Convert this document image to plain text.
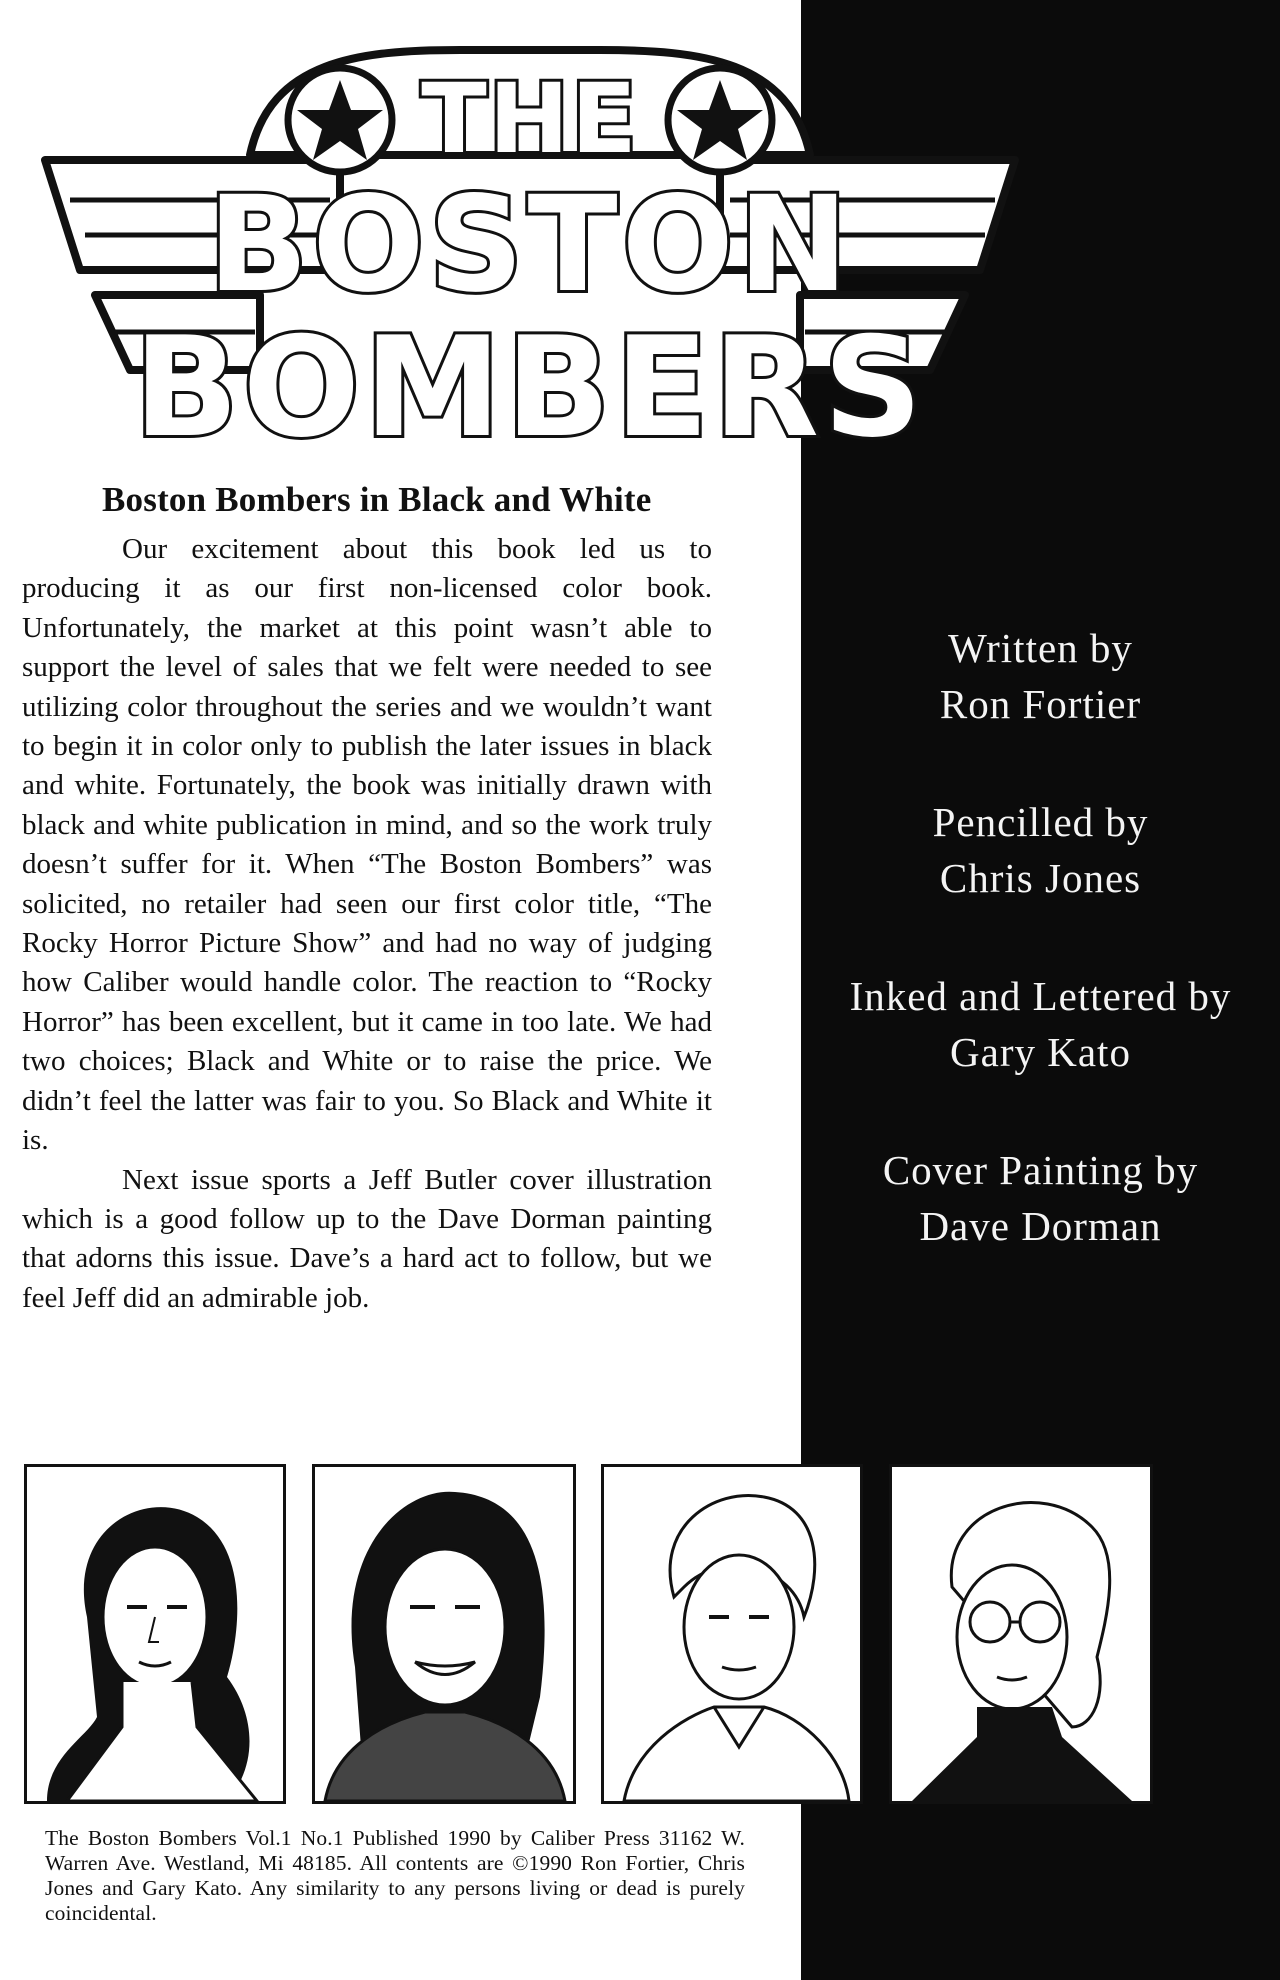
THE
BOSTON
BOMBERS
Boston Bombers in Black and White

Our excitement about this book led us to producing it as our first non-licensed color book. Unfortunately, the market at this point wasn’t able to support the level of sales that we felt were needed to see utilizing color throughout the series and we wouldn’t want to begin it in color only to publish the later issues in black and white. Fortunately, the book was initially drawn with black and white publication in mind, and so the work truly doesn’t suffer for it. When “The Boston Bombers” was solicited, no retailer had seen our first color title, “The Rocky Horror Picture Show” and had no way of judging how Caliber would handle color. The reaction to “Rocky Horror” has been excellent, but it came in too late. We had two choices; Black and White or to raise the price. We didn’t feel the latter was fair to you. So Black and White it is.

Next issue sports a Jeff Butler cover illustration which is a good follow up to the Dave Dorman painting that adorns this issue. Dave’s a hard act to follow, but we feel Jeff did an admirable job.

Written by
Ron Fortier
Pencilled by
Chris Jones
Inked and Lettered by
Gary Kato
Cover Painting by
Dave Dorman
The Boston Bombers Vol.1 No.1 Published 1990 by Caliber Press 31162 W. Warren Ave. Westland, Mi 48185. All contents are ©1990 Ron Fortier, Chris Jones and Gary Kato. Any similarity to any persons living or dead is purely coincidental.
